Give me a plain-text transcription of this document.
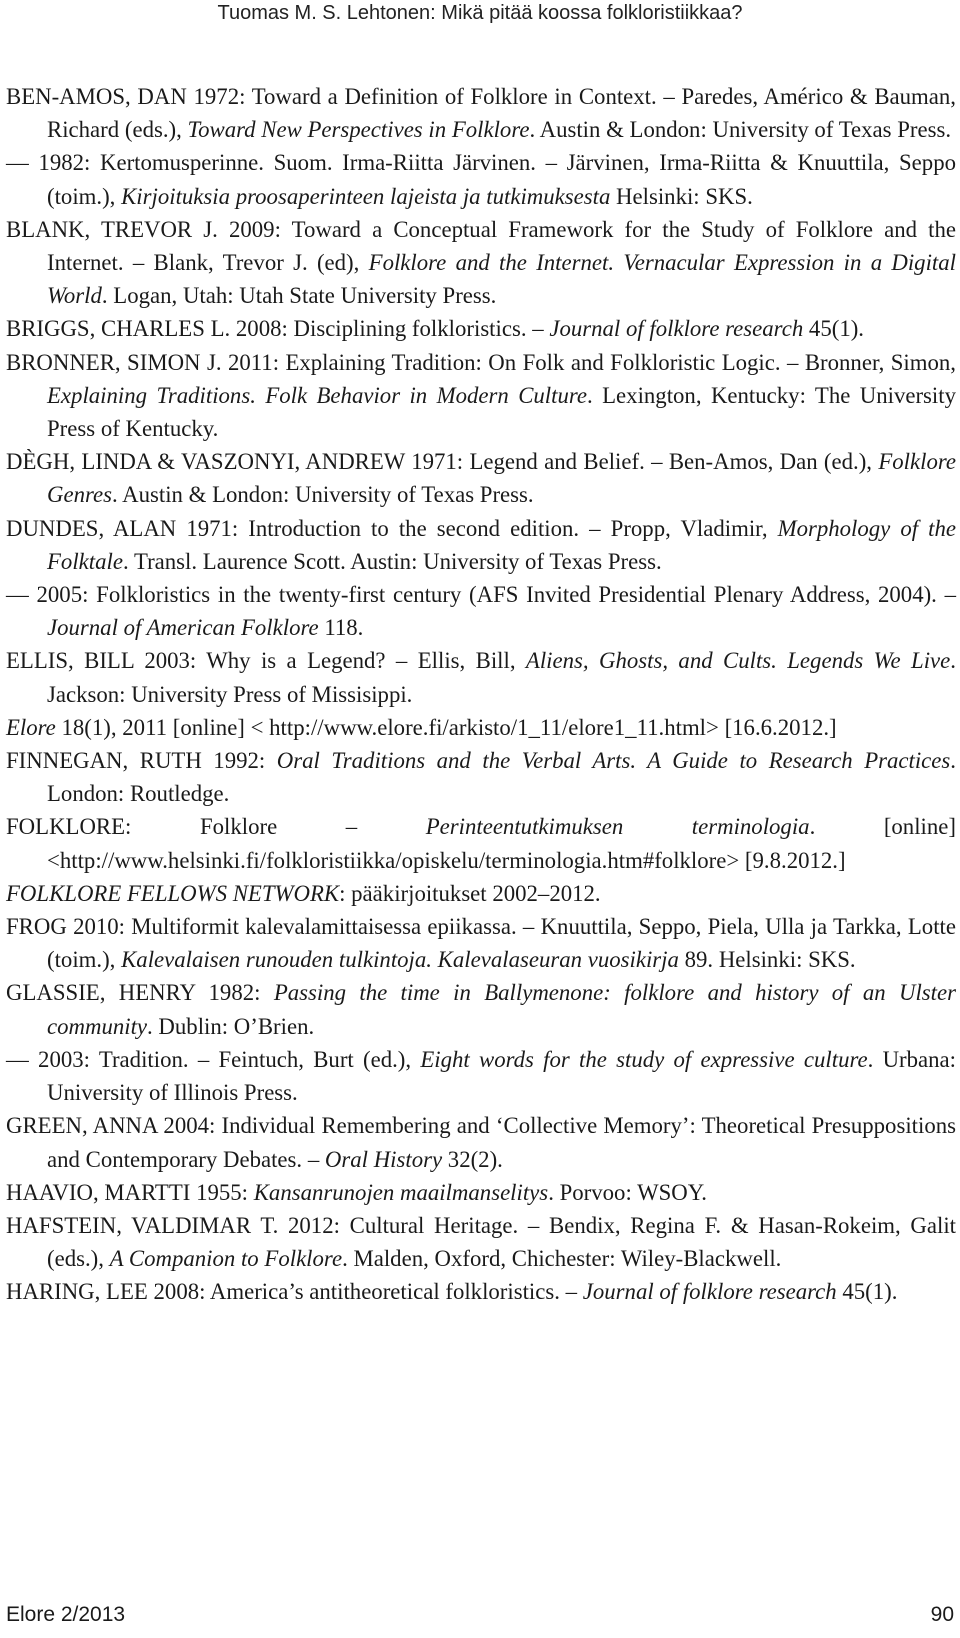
Tuomas M. S. Lehtonen: Mikä pitää koossa folkloristiikkaa?

BEN-AMOS, DAN 1972: Toward a Definition of Folklore in Context. – Paredes, Américo & Bauman, Richard (eds.), Toward New Perspectives in Folklore. Austin & London: University of Texas Press.

— 1982: Kertomusperinne. Suom. Irma-Riitta Järvinen. – Järvinen, Irma-Riitta & Knuuttila, Seppo (toim.), Kirjoituksia proosaperinteen lajeista ja tutkimuksesta Helsinki: SKS.

BLANK, TREVOR J. 2009: Toward a Conceptual Framework for the Study of Folklore and the Internet. – Blank, Trevor J. (ed), Folklore and the Internet. Vernacular Expression in a Digital World. Logan, Utah: Utah State University Press.

BRIGGS, CHARLES L. 2008: Disciplining folkloristics. – Journal of folklore research 45(1).

BRONNER, SIMON J. 2011: Explaining Tradition: On Folk and Folkloristic Logic. – Bronner, Simon, Explaining Traditions. Folk Behavior in Modern Culture. Lexington, Kentucky: The University Press of Kentucky.

DÈGH, LINDA & VASZONYI, ANDREW 1971: Legend and Belief. – Ben-Amos, Dan (ed.), Folklore Genres. Austin & London: University of Texas Press.

DUNDES, ALAN 1971: Introduction to the second edition. – Propp, Vladimir, Morphology of the Folktale. Transl. Laurence Scott. Austin: University of Texas Press.

— 2005: Folkloristics in the twenty-first century (AFS Invited Presidential Plenary Address, 2004). – Journal of American Folklore 118.

ELLIS, BILL 2003: Why is a Legend? – Ellis, Bill, Aliens, Ghosts, and Cults. Legends We Live. Jackson: University Press of Missisippi.

Elore 18(1), 2011 [online] < http://www.elore.fi/arkisto/1_11/elore1_11.html> [16.6.2012.]

FINNEGAN, RUTH 1992: Oral Traditions and the Verbal Arts. A Guide to Research Practices. London: Routledge.

FOLKLORE: Folklore – Perinteentutkimuksen terminologia. [online] <http://www.helsinki.fi/folkloristiikka/opiskelu/terminologia.htm#folklore> [9.8.2012.]

FOLKLORE FELLOWS NETWORK: pääkirjoitukset 2002–2012.

FROG 2010: Multiformit kalevalamittaisessa epiikassa. – Knuuttila, Seppo, Piela, Ulla ja Tarkka, Lotte (toim.), Kalevalaisen runouden tulkintoja. Kalevalaseuran vuosikirja 89. Helsinki: SKS.

GLASSIE, HENRY 1982: Passing the time in Ballymenone: folklore and history of an Ulster community. Dublin: O’Brien.

— 2003: Tradition. – Feintuch, Burt (ed.), Eight words for the study of expressive culture. Urbana: University of Illinois Press.

GREEN, ANNA 2004: Individual Remembering and ‘Collective Memory’: Theoretical Presuppositions and Contemporary Debates. – Oral History 32(2).

HAAVIO, MARTTI 1955: Kansanrunojen maailmanselitys. Porvoo: WSOY.

HAFSTEIN, VALDIMAR T. 2012: Cultural Heritage. – Bendix, Regina F. & Hasan-Rokeim, Galit (eds.), A Companion to Folklore. Malden, Oxford, Chichester: Wiley-Blackwell.

HARING, LEE 2008: America’s antitheoretical folkloristics. – Journal of folklore research 45(1).

Elore 2/2013	90
